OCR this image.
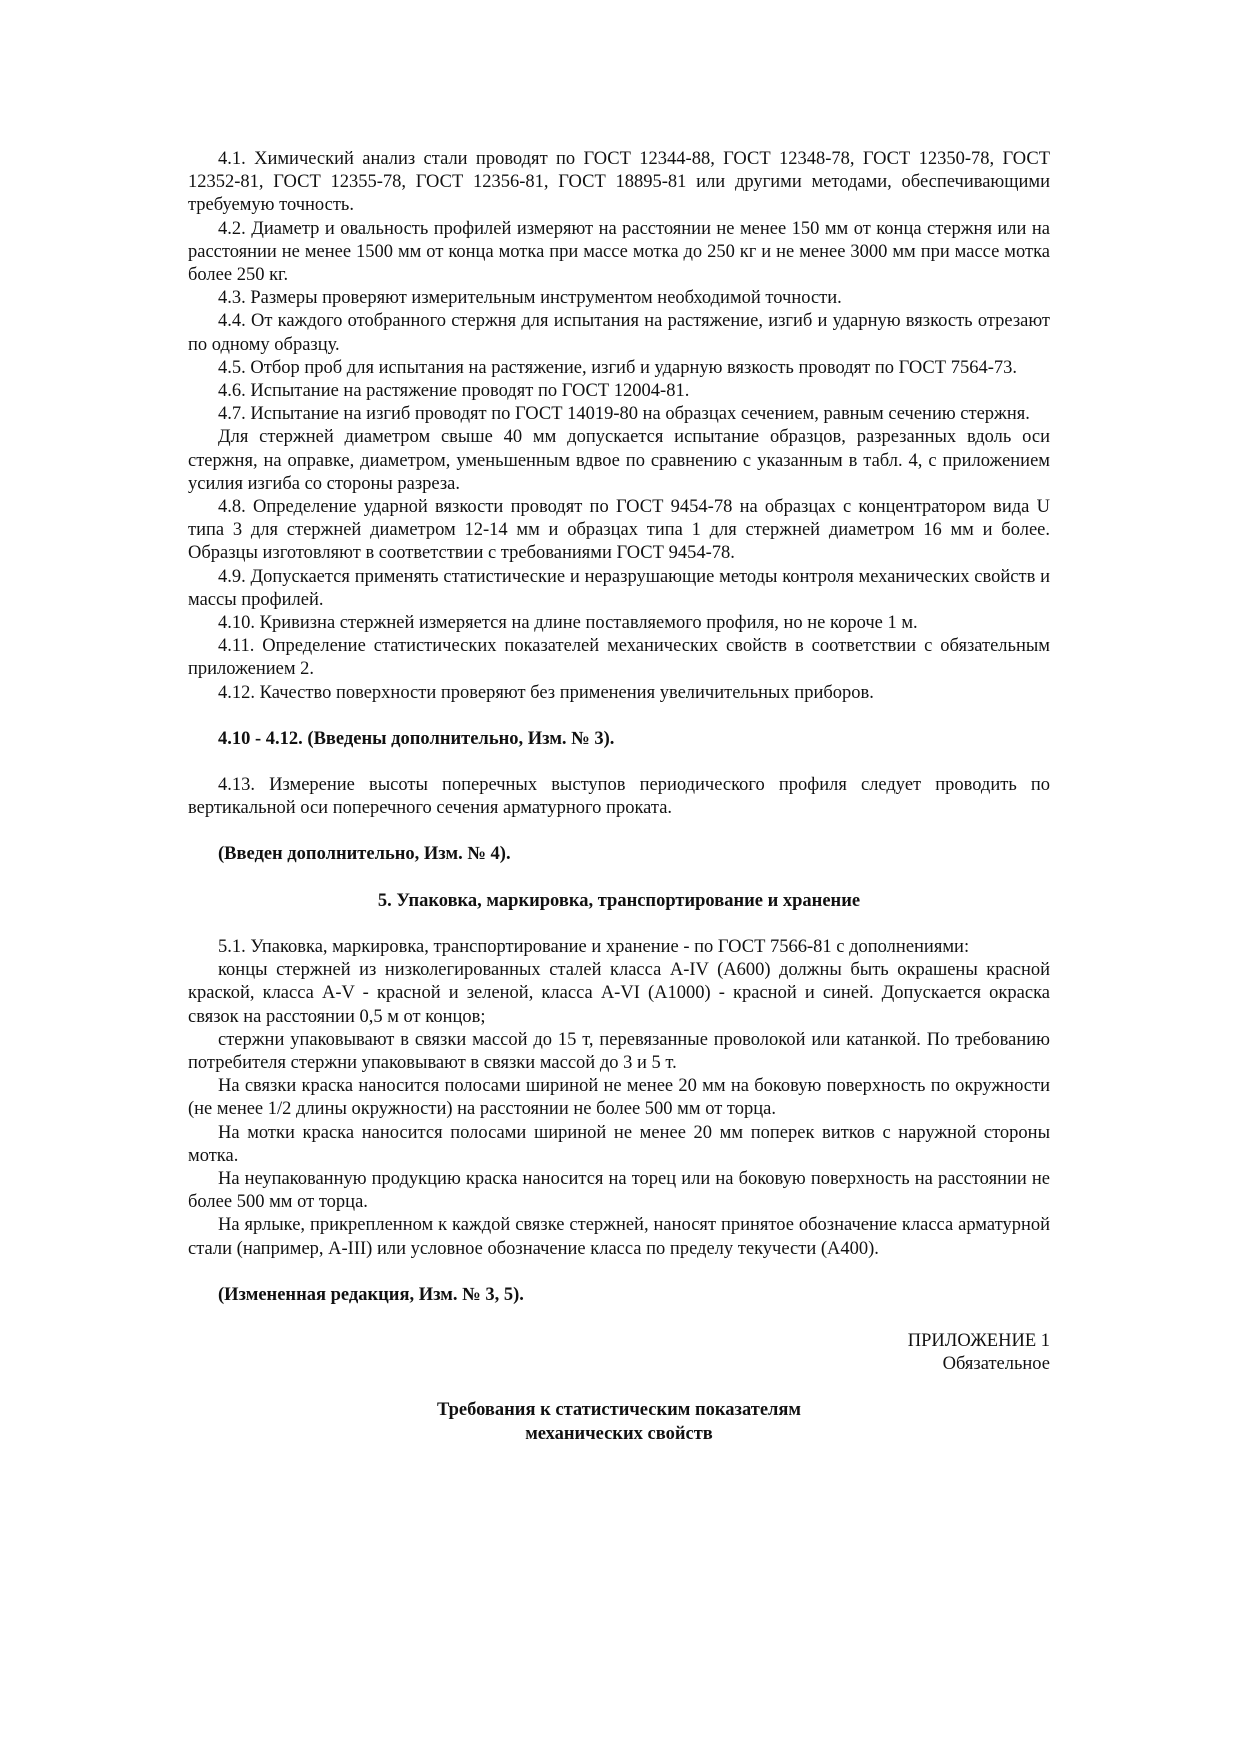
4.1. Химический анализ стали проводят по ГОСТ 12344-88, ГОСТ 12348-78, ГОСТ 12350-78, ГОСТ 12352-81, ГОСТ 12355-78, ГОСТ 12356-81, ГОСТ 18895-81 или другими методами, обеспечивающими требуемую точность.

4.2. Диаметр и овальность профилей измеряют на расстоянии не менее 150 мм от конца стержня или на расстоянии не менее 1500 мм от конца мотка при массе мотка до 250 кг и не менее 3000 мм при массе мотка более 250 кг.

4.3. Размеры проверяют измерительным инструментом необходимой точности.

4.4. От каждого отобранного стержня для испытания на растяжение, изгиб и ударную вязкость отрезают по одному образцу.

4.5. Отбор проб для испытания на растяжение, изгиб и ударную вязкость проводят по ГОСТ 7564-73.

4.6. Испытание на растяжение проводят по ГОСТ 12004-81.

4.7. Испытание на изгиб проводят по ГОСТ 14019-80 на образцах сечением, равным сечению стержня.

Для стержней диаметром свыше 40 мм допускается испытание образцов, разрезанных вдоль оси стержня, на оправке, диаметром, уменьшенным вдвое по сравнению с указанным в табл. 4, с приложением усилия изгиба со стороны разреза.

4.8. Определение ударной вязкости проводят по ГОСТ 9454-78 на образцах с концентратором вида U типа 3 для стержней диаметром 12-14 мм и образцах типа 1 для стержней диаметром 16 мм и более. Образцы изготовляют в соответствии с требованиями ГОСТ 9454-78.

4.9. Допускается применять статистические и неразрушающие методы контроля механических свойств и массы профилей.

4.10. Кривизна стержней измеряется на длине поставляемого профиля, но не короче 1 м.

4.11. Определение статистических показателей механических свойств в соответствии с обязательным приложением 2.

4.12. Качество поверхности проверяют без применения увеличительных приборов.

4.10 - 4.12. (Введены дополнительно, Изм. № 3).

4.13. Измерение высоты поперечных выступов периодического профиля следует проводить по вертикальной оси поперечного сечения арматурного проката.

(Введен дополнительно, Изм. № 4).

5. Упаковка, маркировка, транспортирование и хранение

5.1. Упаковка, маркировка, транспортирование и хранение - по ГОСТ 7566-81 с дополнениями:

концы стержней из низколегированных сталей класса A-IV (A600) должны быть окрашены красной краской, класса A-V - красной и зеленой, класса A-VI (A1000) - красной и синей. Допускается окраска связок на расстоянии 0,5 м от концов;

стержни упаковывают в связки массой до 15 т, перевязанные проволокой или катанкой. По требованию потребителя стержни упаковывают в связки массой до 3 и 5 т.

На связки краска наносится полосами шириной не менее 20 мм на боковую поверхность по окружности (не менее 1/2 длины окружности) на расстоянии не более 500 мм от торца.

На мотки краска наносится полосами шириной не менее 20 мм поперек витков с наружной стороны мотка.

На неупакованную продукцию краска наносится на торец или на боковую поверхность на расстоянии не более 500 мм от торца.

На ярлыке, прикрепленном к каждой связке стержней, наносят принятое обозначение класса арматурной стали (например, A-III) или условное обозначение класса по пределу текучести (A400).

(Измененная редакция, Изм. № 3, 5).

ПРИЛОЖЕНИЕ 1

Обязательное

Требования к статистическим показателям

механических свойств
